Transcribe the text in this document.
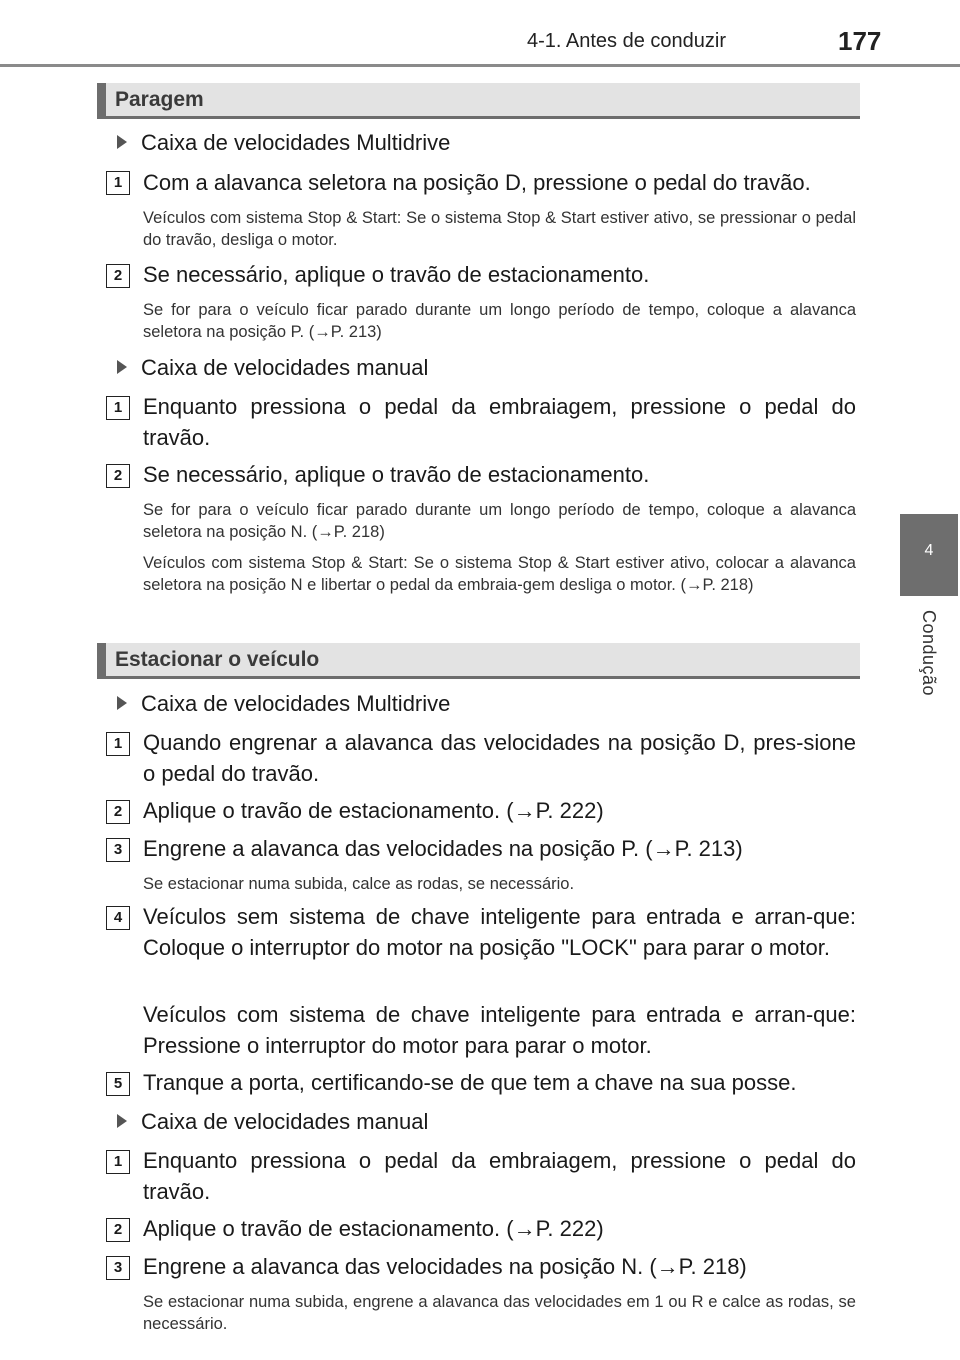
4-1. Antes de conduzir	177
4
Condução
Paragem
Caixa de velocidades Multidrive
1 Com a alavanca seletora na posição D, pressione o pedal do travão.
Veículos com sistema Stop & Start: Se o sistema Stop & Start estiver ativo, se pressionar o pedal do travão, desliga o motor.
2 Se necessário, aplique o travão de estacionamento.
Se for para o veículo ficar parado durante um longo período de tempo, coloque a alavanca seletora na posição P. (→P. 213)
Caixa de velocidades manual
1 Enquanto pressiona o pedal da embraiagem, pressione o pedal do travão.
2 Se necessário, aplique o travão de estacionamento.
Se for para o veículo ficar parado durante um longo período de tempo, coloque a alavanca seletora na posição N. (→P. 218)
Veículos com sistema Stop & Start: Se o sistema Stop & Start estiver ativo, colocar a alavanca seletora na posição N e libertar o pedal da embraia-gem desliga o motor. (→P. 218)
Estacionar o veículo
Caixa de velocidades Multidrive
1 Quando engrenar a alavanca das velocidades na posição D, pres-sione o pedal do travão.
2 Aplique o travão de estacionamento. (→P. 222)
3 Engrene a alavanca das velocidades na posição P. (→P. 213)
Se estacionar numa subida, calce as rodas, se necessário.
4 Veículos sem sistema de chave inteligente para entrada e arran-que: Coloque o interruptor do motor na posição "LOCK" para parar o motor.
Veículos com sistema de chave inteligente para entrada e arran-que: Pressione o interruptor do motor para parar o motor.
5 Tranque a porta, certificando-se de que tem a chave na sua posse.
Caixa de velocidades manual
1 Enquanto pressiona o pedal da embraiagem, pressione o pedal do travão.
2 Aplique o travão de estacionamento. (→P. 222)
3 Engrene a alavanca das velocidades na posição N. (→P. 218)
Se estacionar numa subida, engrene a alavanca das velocidades em 1 ou R e calce as rodas, se necessário.
